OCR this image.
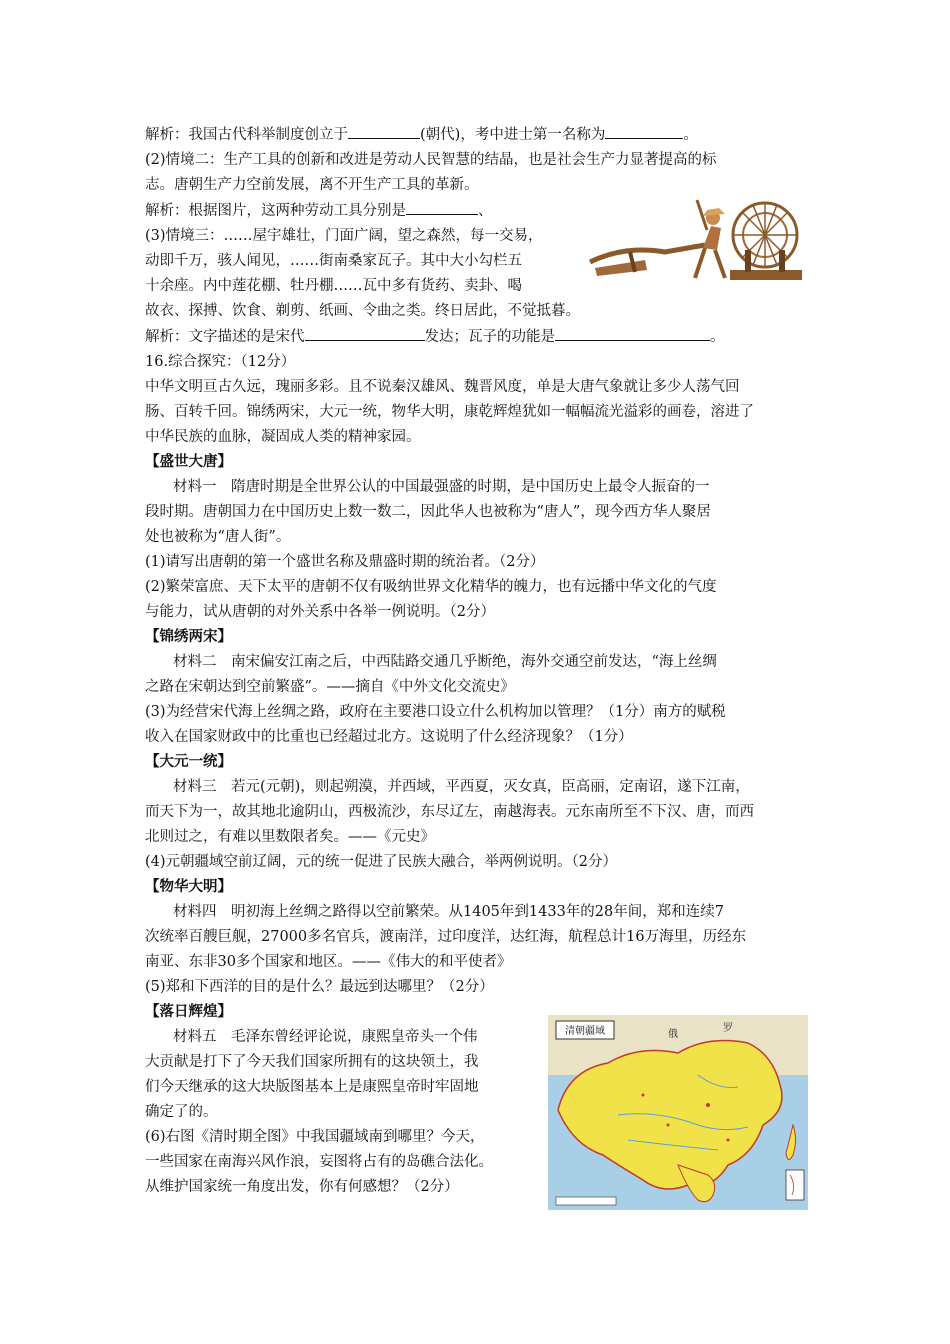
解析：我国古代科举制度创立于	(朝代)，考中进士第一名称为	。
(2)情境二：生产工具的创新和改进是劳动人民智慧的结晶，也是社会生产力显著提高的标
志。唐朝生产力空前发展，离不开生产工具的革新。
解析：根据图片，这两种劳动工具分别是	、
(3)情境三：……屋宇雄壮，门面广阔，望之森然，每一交易，
动即千万，骇人闻见，……街南桑家瓦子。其中大小勾栏五
十余座。内中莲花棚、牡丹棚……瓦中多有货药、卖卦、喝
故衣、探搏、饮食、剃剪、纸画、令曲之类。终日居此，不觉抵暮。
解析：文字描述的是宋代	发达；瓦子的功能是	。
16.综合探究：（12分）
中华文明亘古久远，瑰丽多彩。且不说秦汉雄风、魏晋风度，单是大唐气象就让多少人荡气回
肠、百转千回。锦绣两宋，大元一统，物华大明，康乾辉煌犹如一幅幅流光溢彩的画卷，溶进了
中华民族的血脉，凝固成人类的精神家园。
【盛世大唐】
材料一　隋唐时期是全世界公认的中国最强盛的时期，是中国历史上最令人振奋的一
段时期。唐朝国力在中国历史上数一数二，因此华人也被称为“唐人”，现今西方华人聚居
处也被称为“唐人街”。
(1)请写出唐朝的第一个盛世名称及鼎盛时期的统治者。（2分）
(2)繁荣富庶、天下太平的唐朝不仅有吸纳世界文化精华的魄力，也有远播中华文化的气度
与能力，试从唐朝的对外关系中各举一例说明。（2分）
【锦绣两宋】
材料二　南宋偏安江南之后，中西陆路交通几乎断绝，海外交通空前发达，“海上丝绸
之路在宋朝达到空前繁盛”。——摘自《中外文化交流史》
(3)为经营宋代海上丝绸之路，政府在主要港口设立什么机构加以管理？（1分）南方的赋税
收入在国家财政中的比重也已经超过北方。这说明了什么经济现象？（1分）
【大元一统】
材料三　若元(元朝)，则起朔漠，并西域，平西夏，灭女真，臣高丽，定南诏，遂下江南，
而天下为一，故其地北逾阴山，西极流沙，东尽辽左，南越海表。元东南所至不下汉、唐，而西
北则过之，有难以里数限者矣。——《元史》
(4)元朝疆域空前辽阔，元的统一促进了民族大融合，举两例说明。（2分）
【物华大明】
材料四　明初海上丝绸之路得以空前繁荣。从1405年到1433年的28年间，郑和连续7
次统率百艘巨舰，27000多名官兵，渡南洋，过印度洋，达红海，航程总计16万海里，历经东
南亚、东非30多个国家和地区。——《伟大的和平使者》
(5)郑和下西洋的目的是什么？最远到达哪里？（2分）
【落日辉煌】
材料五　毛泽东曾经评论说，康熙皇帝头一个伟
大贡献是打下了今天我们国家所拥有的这块领土，我
们今天继承的这大块版图基本上是康熙皇帝时牢固地
确定了的。
(6)右图《清时期全图》中我国疆域南到哪里？今天，
一些国家在南海兴风作浪，妄图将占有的岛礁合法化。
从维护国家统一角度出发，你有何感想？（2分）
清朝疆域	俄
罗
